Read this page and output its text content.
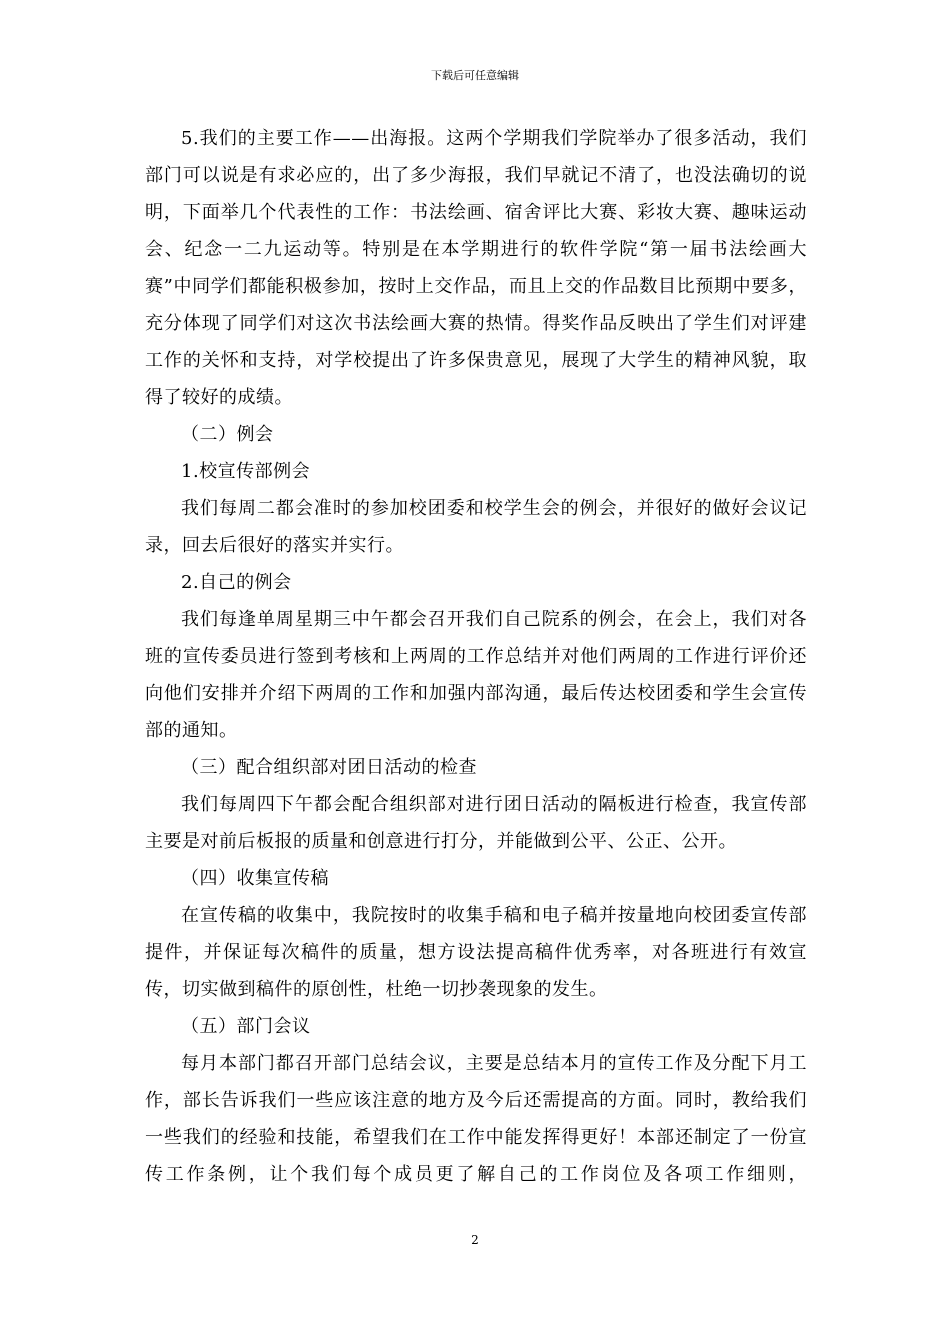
下载后可任意编辑

5.我们的主要工作——出海报。这两个学期我们学院举办了很多活动，我们部门可以说是有求必应的，出了多少海报，我们早就记不清了，也没法确切的说明，下面举几个代表性的工作：书法绘画、宿舍评比大赛、彩妆大赛、趣味运动会、纪念一二九运动等。特别是在本学期进行的软件学院“第一届书法绘画大赛”中同学们都能积极参加，按时上交作品，而且上交的作品数目比预期中要多，充分体现了同学们对这次书法绘画大赛的热情。得奖作品反映出了学生们对评建工作的关怀和支持，对学校提出了许多保贵意见，展现了大学生的精神风貌，取得了较好的成绩。

（二）例会

1.校宣传部例会

我们每周二都会准时的参加校团委和校学生会的例会，并很好的做好会议记录，回去后很好的落实并实行。

2.自己的例会

我们每逢单周星期三中午都会召开我们自己院系的例会，在会上，我们对各班的宣传委员进行签到考核和上两周的工作总结并对他们两周的工作进行评价还向他们安排并介绍下两周的工作和加强内部沟通，最后传达校团委和学生会宣传部的通知。

（三）配合组织部对团日活动的检查

我们每周四下午都会配合组织部对进行团日活动的隔板进行检查，我宣传部主要是对前后板报的质量和创意进行打分，并能做到公平、公正、公开。

（四）收集宣传稿

在宣传稿的收集中，我院按时的收集手稿和电子稿并按量地向校团委宣传部提件，并保证每次稿件的质量，想方设法提高稿件优秀率，对各班进行有效宣传，切实做到稿件的原创性，杜绝一切抄袭现象的发生。

（五）部门会议

每月本部门都召开部门总结会议，主要是总结本月的宣传工作及分配下月工作，部长告诉我们一些应该注意的地方及今后还需提高的方面。同时，教给我们一些我们的经验和技能，希望我们在工作中能发挥得更好！本部还制定了一份宣传工作条例，让个我们每个成员更了解自己的工作岗位及各项工作细则，

2
